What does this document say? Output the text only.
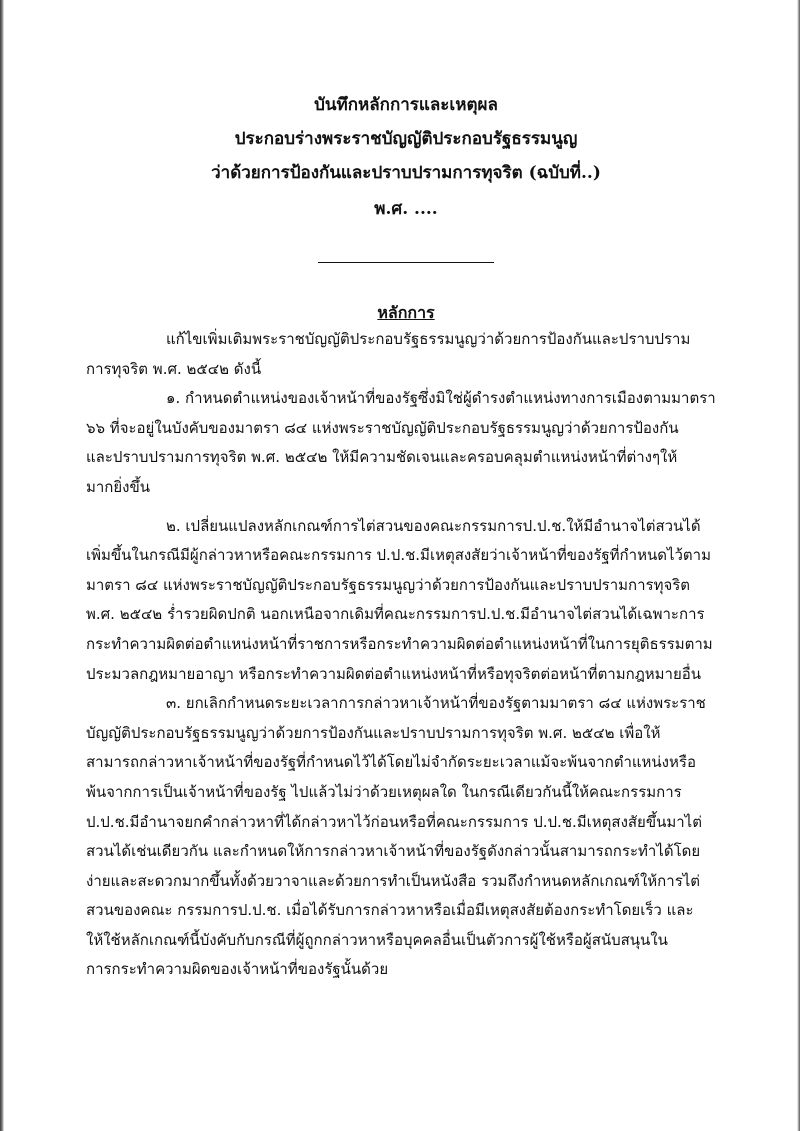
บันทึกหลักการและเหตุผล
ประกอบร่างพระราชบัญญัติประกอบรัฐธรรมนูญ
ว่าด้วยการป้องกันและปราบปรามการทุจริต (ฉบับที่..)
พ.ศ. ....
หลักการ
แก้ไขเพิ่มเติมพระราชบัญญัติประกอบรัฐธรรมนูญว่าด้วยการป้องกันและปราบปราม
การทุจริต พ.ศ. ๒๕๔๒ ดังนี้
๑. กำหนดตำแหน่งของเจ้าหน้าที่ของรัฐซึ่งมิใช่ผู้ดำรงตำแหน่งทางการเมืองตามมาตรา
๖๖ ที่จะอยู่ในบังคับของมาตรา ๘๔ แห่งพระราชบัญญัติประกอบรัฐธรรมนูญว่าด้วยการป้องกัน
และปราบปรามการทุจริต พ.ศ. ๒๕๔๒ ให้มีความชัดเจนและครอบคลุมตำแหน่งหน้าที่ต่างๆให้
มากยิ่งขึ้น
๒. เปลี่ยนแปลงหลักเกณฑ์การไต่สวนของคณะกรรมการป.ป.ช.ให้มีอำนาจไต่สวนได้
เพิ่มขึ้นในกรณีมีผู้กล่าวหาหรือคณะกรรมการ ป.ป.ช.มีเหตุสงสัยว่าเจ้าหน้าที่ของรัฐที่กำหนดไว้ตาม
มาตรา ๘๔ แห่งพระราชบัญญัติประกอบรัฐธรรมนูญว่าด้วยการป้องกันและปราบปรามการทุจริต
พ.ศ. ๒๕๔๒ ร่ำรวยผิดปกติ นอกเหนือจากเดิมที่คณะกรรมการป.ป.ช.มีอำนาจไต่สวนได้เฉพาะการ
กระทำความผิดต่อตำแหน่งหน้าที่ราชการหรือกระทำความผิดต่อตำแหน่งหน้าที่ในการยุติธรรมตาม
ประมวลกฎหมายอาญา หรือกระทำความผิดต่อตำแหน่งหน้าที่หรือทุจริตต่อหน้าที่ตามกฎหมายอื่น
๓. ยกเลิกกำหนดระยะเวลาการกล่าวหาเจ้าหน้าที่ของรัฐตามมาตรา ๘๔ แห่งพระราช
บัญญัติประกอบรัฐธรรมนูญว่าด้วยการป้องกันและปราบปรามการทุจริต พ.ศ. ๒๕๔๒ เพื่อให้
สามารถกล่าวหาเจ้าหน้าที่ของรัฐที่กำหนดไว้ได้โดยไม่จำกัดระยะเวลาแม้จะพ้นจากตำแหน่งหรือ
พ้นจากการเป็นเจ้าหน้าที่ของรัฐ ไปแล้วไม่ว่าด้วยเหตุผลใด ในกรณีเดียวกันนี้ให้คณะกรรมการ
ป.ป.ช.มีอำนาจยกคำกล่าวหาที่ได้กล่าวหาไว้ก่อนหรือที่คณะกรรมการ ป.ป.ช.มีเหตุสงสัยขึ้นมาไต่
สวนได้เช่นเดียวกัน และกำหนดให้การกล่าวหาเจ้าหน้าที่ของรัฐดังกล่าวนั้นสามารถกระทำได้โดย
ง่ายและสะดวกมากขึ้นทั้งด้วยวาจาและด้วยการทำเป็นหนังสือ รวมถึงกำหนดหลักเกณฑ์ให้การไต่
สวนของคณะ กรรมการป.ป.ช. เมื่อได้รับการกล่าวหาหรือเมื่อมีเหตุสงสัยต้องกระทำโดยเร็ว และ
ให้ใช้หลักเกณฑ์นี้บังคับกับกรณีที่ผู้ถูกกล่าวหาหรือบุคคลอื่นเป็นตัวการผู้ใช้หรือผู้สนับสนุนใน
การกระทำความผิดของเจ้าหน้าที่ของรัฐนั้นด้วย
